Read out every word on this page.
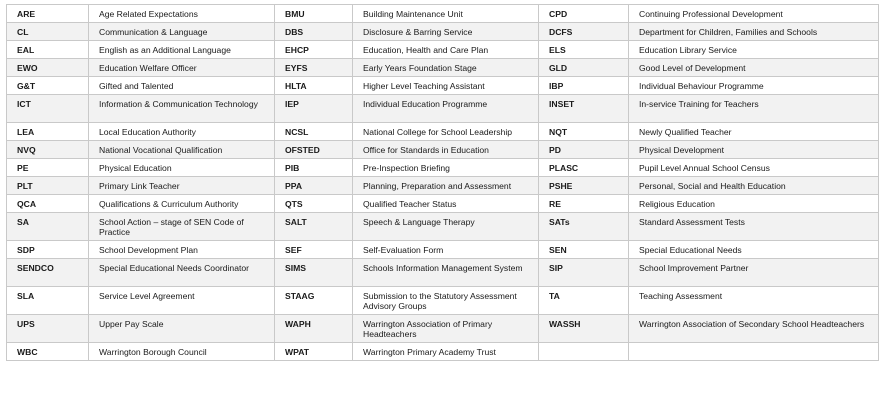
ARE	Age Related Expectations	BMU	Building Maintenance Unit	CPD	Continuing Professional Development
CL	Communication & Language	DBS	Disclosure & Barring Service	DCFS	Department for Children, Families and Schools
EAL	English as an Additional Language	EHCP	Education, Health and Care Plan	ELS	Education Library Service
EWO	Education Welfare Officer	EYFS	Early Years Foundation Stage	GLD	Good Level of Development
G&T	Gifted and Talented	HLTA	Higher Level Teaching Assistant	IBP	Individual Behaviour Programme
ICT	Information & Communication Technology	IEP	Individual Education Programme	INSET	In-service Training for Teachers
LEA	Local Education Authority	NCSL	National College for School Leadership	NQT	Newly Qualified Teacher
NVQ	National Vocational Qualification	OFSTED	Office for Standards in Education	PD	Physical Development
PE	Physical Education	PIB	Pre-Inspection Briefing	PLASC	Pupil Level Annual School Census
PLT	Primary Link Teacher	PPA	Planning, Preparation and Assessment	PSHE	Personal, Social and Health Education
QCA	Qualifications & Curriculum Authority	QTS	Qualified Teacher Status	RE	Religious Education
SA	School Action – stage of SEN Code of Practice	SALT	Speech & Language Therapy	SATs	Standard Assessment Tests
SDP	School Development Plan	SEF	Self-Evaluation Form	SEN	Special Educational Needs
SENDCO	Special Educational Needs Coordinator	SIMS	Schools Information Management System	SIP	School Improvement Partner
SLA	Service Level Agreement	STAAG	Submission to the Statutory Assessment Advisory Groups	TA	Teaching Assessment
UPS	Upper Pay Scale	WAPH	Warrington Association of Primary Headteachers	WASSH	Warrington Association of Secondary School Headteachers
WBC	Warrington Borough Council	WPAT	Warrington Primary Academy Trust		
